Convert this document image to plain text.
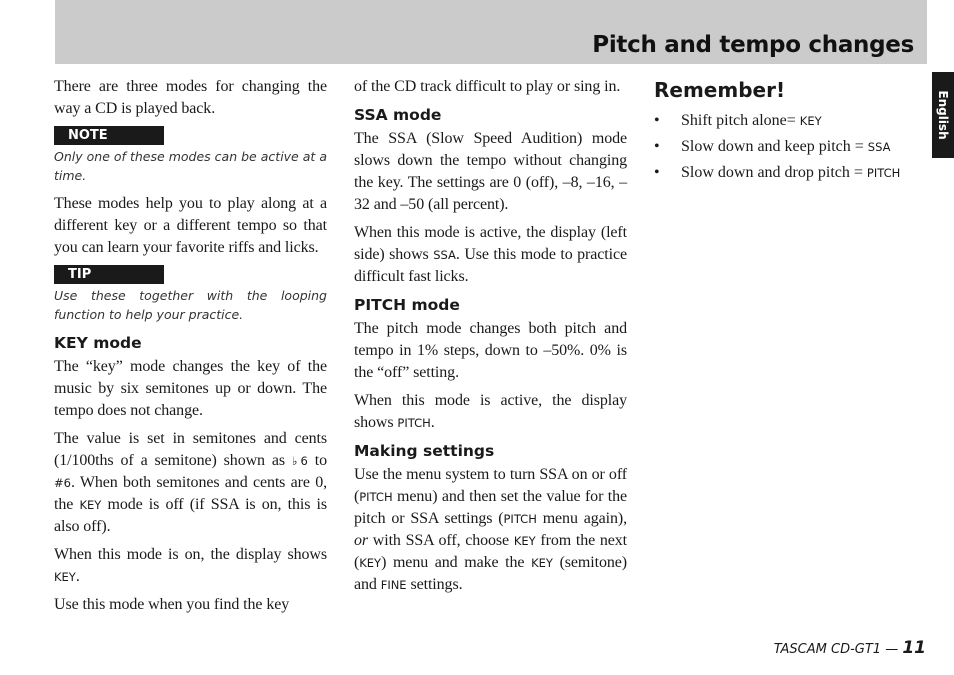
Pitch and tempo changes
English

There are three modes for changing the way a CD is played back.

NOTE

Only one of these modes can be active at a time.

These modes help you to play along at a different key or a different tempo so that you can learn your favorite riffs and licks.

TIP

Use these together with the looping function to help your practice.

KEY mode

The “key” mode changes the key of the music by six semitones up or down. The tempo does not change.

The value is set in semitones and cents (1/100ths of a semitone) shown as ♭6 to #6. When both semitones and cents are 0, the KEY mode is off (if SSA is on, this is also off).

When this mode is on, the display shows KEY.

Use this mode when you find the key

of the CD track difficult to play or sing in.

SSA mode

The SSA (Slow Speed Audition) mode slows down the tempo without changing the key. The settings are 0 (off), –8, –16, –32 and –50 (all percent).

When this mode is active, the display (left side) shows SSA. Use this mode to practice difficult fast licks.

PITCH mode

The pitch mode changes both pitch and tempo in 1% steps, down to –50%. 0% is the “off” setting.

When this mode is active, the display shows PITCH.

Making settings

Use the menu system to turn SSA on or off (PITCH menu) and then set the value for the pitch or SSA settings (PITCH menu again), or with SSA off, choose KEY from the next (KEY) menu and make the KEY (semitone) and FINE settings.

Remember!
• Shift pitch alone= KEY
• Slow down and keep pitch = SSA
• Slow down and drop pitch = PITCH
TASCAM CD-GT1 — 11
